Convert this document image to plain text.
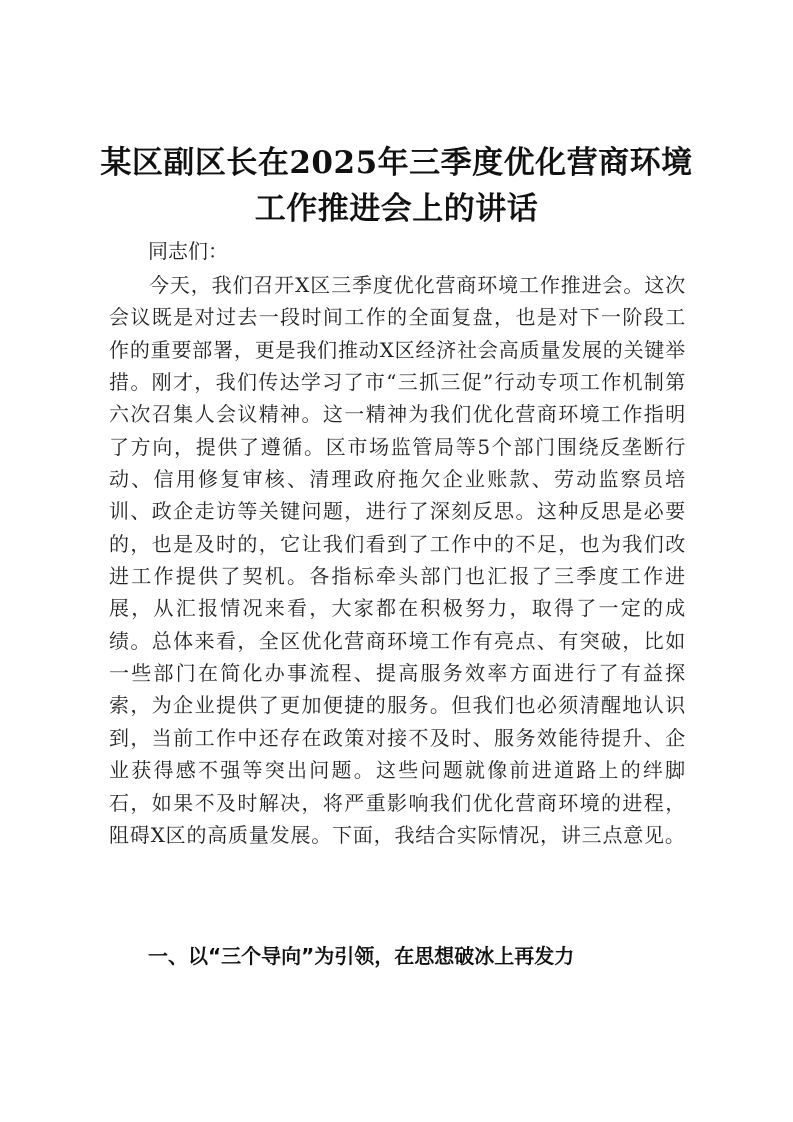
某区副区长在2025年三季度优化营商环境工作推进会上的讲话

同志们：

今天，我们召开X区三季度优化营商环境工作推进会。这次会议既是对过去一段时间工作的全面复盘，也是对下一阶段工作的重要部署，更是我们推动X区经济社会高质量发展的关键举措。刚才，我们传达学习了市“三抓三促”行动专项工作机制第六次召集人会议精神。这一精神为我们优化营商环境工作指明了方向，提供了遵循。区市场监管局等5个部门围绕反垄断行动、信用修复审核、清理政府拖欠企业账款、劳动监察员培训、政企走访等关键问题，进行了深刻反思。这种反思是必要的，也是及时的，它让我们看到了工作中的不足，也为我们改进工作提供了契机。各指标牵头部门也汇报了三季度工作进展，从汇报情况来看，大家都在积极努力，取得了一定的成绩。总体来看，全区优化营商环境工作有亮点、有突破，比如一些部门在简化办事流程、提高服务效率方面进行了有益探索，为企业提供了更加便捷的服务。但我们也必须清醒地认识到，当前工作中还存在政策对接不及时、服务效能待提升、企业获得感不强等突出问题。这些问题就像前进道路上的绊脚石，如果不及时解决，将严重影响我们优化营商环境的进程，阻碍X区的高质量发展。下面，我结合实际情况，讲三点意见。

一、以“三个导向”为引领，在思想破冰上再发力
